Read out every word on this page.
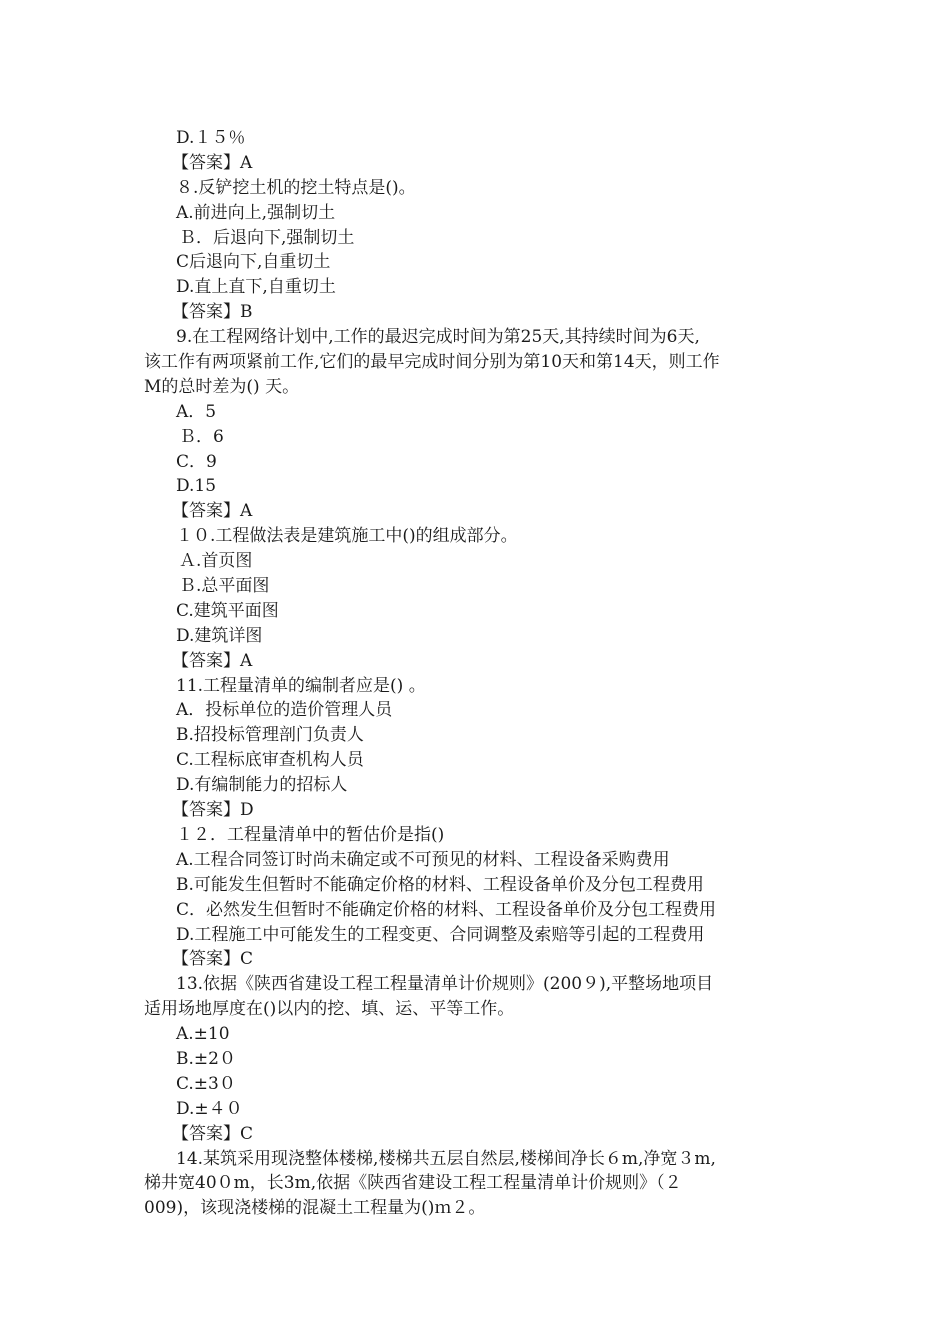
D.１５％
【答案】A
８.反铲挖土机的挖土特点是()。
A.前进向上,强制切土
Ｂ．后退向下,强制切土
C后退向下,自重切土
D.直上直下,自重切土
【答案】B
9.在工程网络计划中,工作的最迟完成时间为第25天,其持续时间为6天,
该工作有两项紧前工作,它们的最早完成时间分别为第10天和第14天，则工作
M的总时差为() 天。
A．5
Ｂ．6
C．9
D.15
【答案】A
１０.工程做法表是建筑施工中()的组成部分。
Ａ.首页图
Ｂ.总平面图
C.建筑平面图
D.建筑详图
【答案】A
11.工程量清单的编制者应是() 。
A．投标单位的造价管理人员
B.招投标管理剖门负责人
C.工程标底审查机构人员
D.有编制能力的招标人
【答案】D
１２．工程量清单中的暂估价是指()
A.工程合同签订时尚未确定或不可预见的材料、工程设备采购费用
B.可能发生但暂时不能确定价格的材料、工程设备单价及分包工程费用
C．必然发生但暂时不能确定价格的材料、工程设备单价及分包工程费用
D.工程施工中可能发生的工程变更、合同调整及索赔等引起的工程费用
【答案】C
13.依据《陕西省建设工程工程量清单计价规则》(200９),平整场地项目
适用场地厚度在()以内的挖、填、运、平等工作。
A.±10
B.±2０
C.±3０
D.±４０
【答案】C
14.某筑采用现浇整体楼梯,楼梯共五层自然层,楼梯间净长６m,净宽３m,
梯井宽40０m，长3m,依据《陕西省建设工程工程量清单计价规则》（２
009)，该现浇楼梯的混凝土工程量为()ｍ２。
